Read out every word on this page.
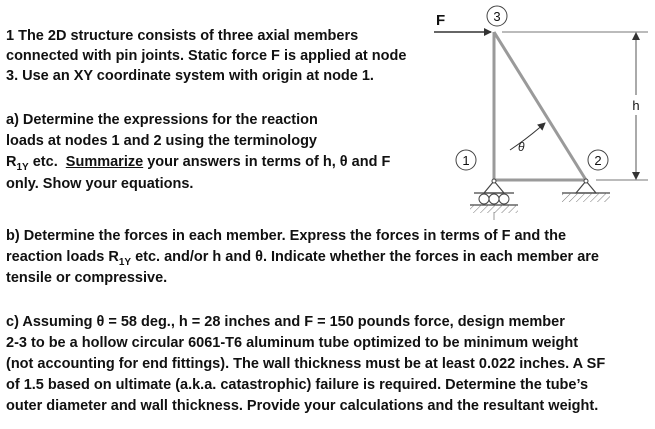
1 The 2D structure consists of three axial members
connected with pin joints. Static force F is applied at node
3. Use an XY coordinate system with origin at node 1.
a) Determine the expressions for the reaction
loads at nodes 1 and 2 using the terminology
$R_{1Y}$ etc.  Summarize your answers in terms of h, θ and F
only. Show your equations.
b) Determine the forces in each member. Express the forces in terms of F and the
reaction loads $R_{1Y}$ etc. and/or h and θ. Indicate whether the forces in each member are
tensile or compressive.
c) Assuming θ = 58 deg., h = 28 inches and F = 150 pounds force, design member
2-3 to be a hollow circular 6061-T6 aluminum tube optimized to be minimum weight
(not accounting for end fittings). The wall thickness must be at least 0.022 inches. A SF
of 1.5 based on ultimate (a.k.a. catastrophic) failure is required. Determine the tube’s
outer diameter and wall thickness. Provide your calculations and the resultant weight.
F	3
1	2
θ
h
